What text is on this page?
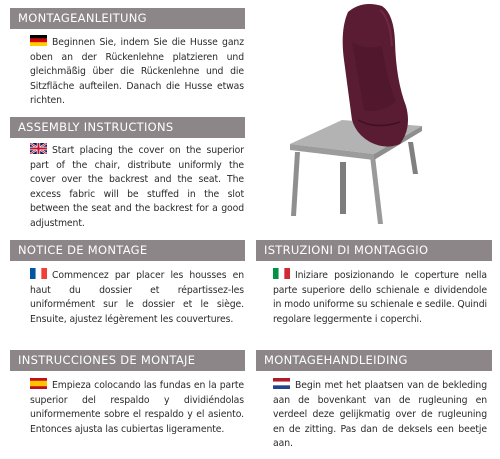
MONTAGEANLEITUNG
Beginnen Sie, indem Sie die Husse ganz oben an der Rückenlehne platzieren und gleichmäßig über die Rückenlehne und die Sitzfläche aufteilen. Danach die Husse etwas richten.
ASSEMBLY INSTRUCTIONS
Start placing the cover on the superior part of the chair, distribute uniformly the cover over the backrest and the seat. The excess fabric will be stuffed in the slot between the seat and the backrest for a good adjustment.
NOTICE DE MONTAGE
Commencez par placer les housses en haut du dossier et répartissez-les uniformément sur le dossier et le siège. Ensuite, ajustez légèrement les couvertures.
ISTRUZIONI DI MONTAGGIO
Iniziare posizionando le coperture nella parte superiore dello schienale e dividendole in modo uniforme su schienale e sedile. Quindi regolare leggermente i coperchi.
INSTRUCCIONES DE MONTAJE
Empieza colocando las fundas en la parte superior del respaldo y dividiéndolas uniformemente sobre el respaldo y el asiento. Entonces ajusta las cubiertas ligeramente.
MONTAGEHANDLEIDING
Begin met het plaatsen van de bekleding aan de bovenkant van de rugleuning en verdeel deze gelijkmatig over de rugleuning en de zitting. Pas dan de deksels een beetje aan.
